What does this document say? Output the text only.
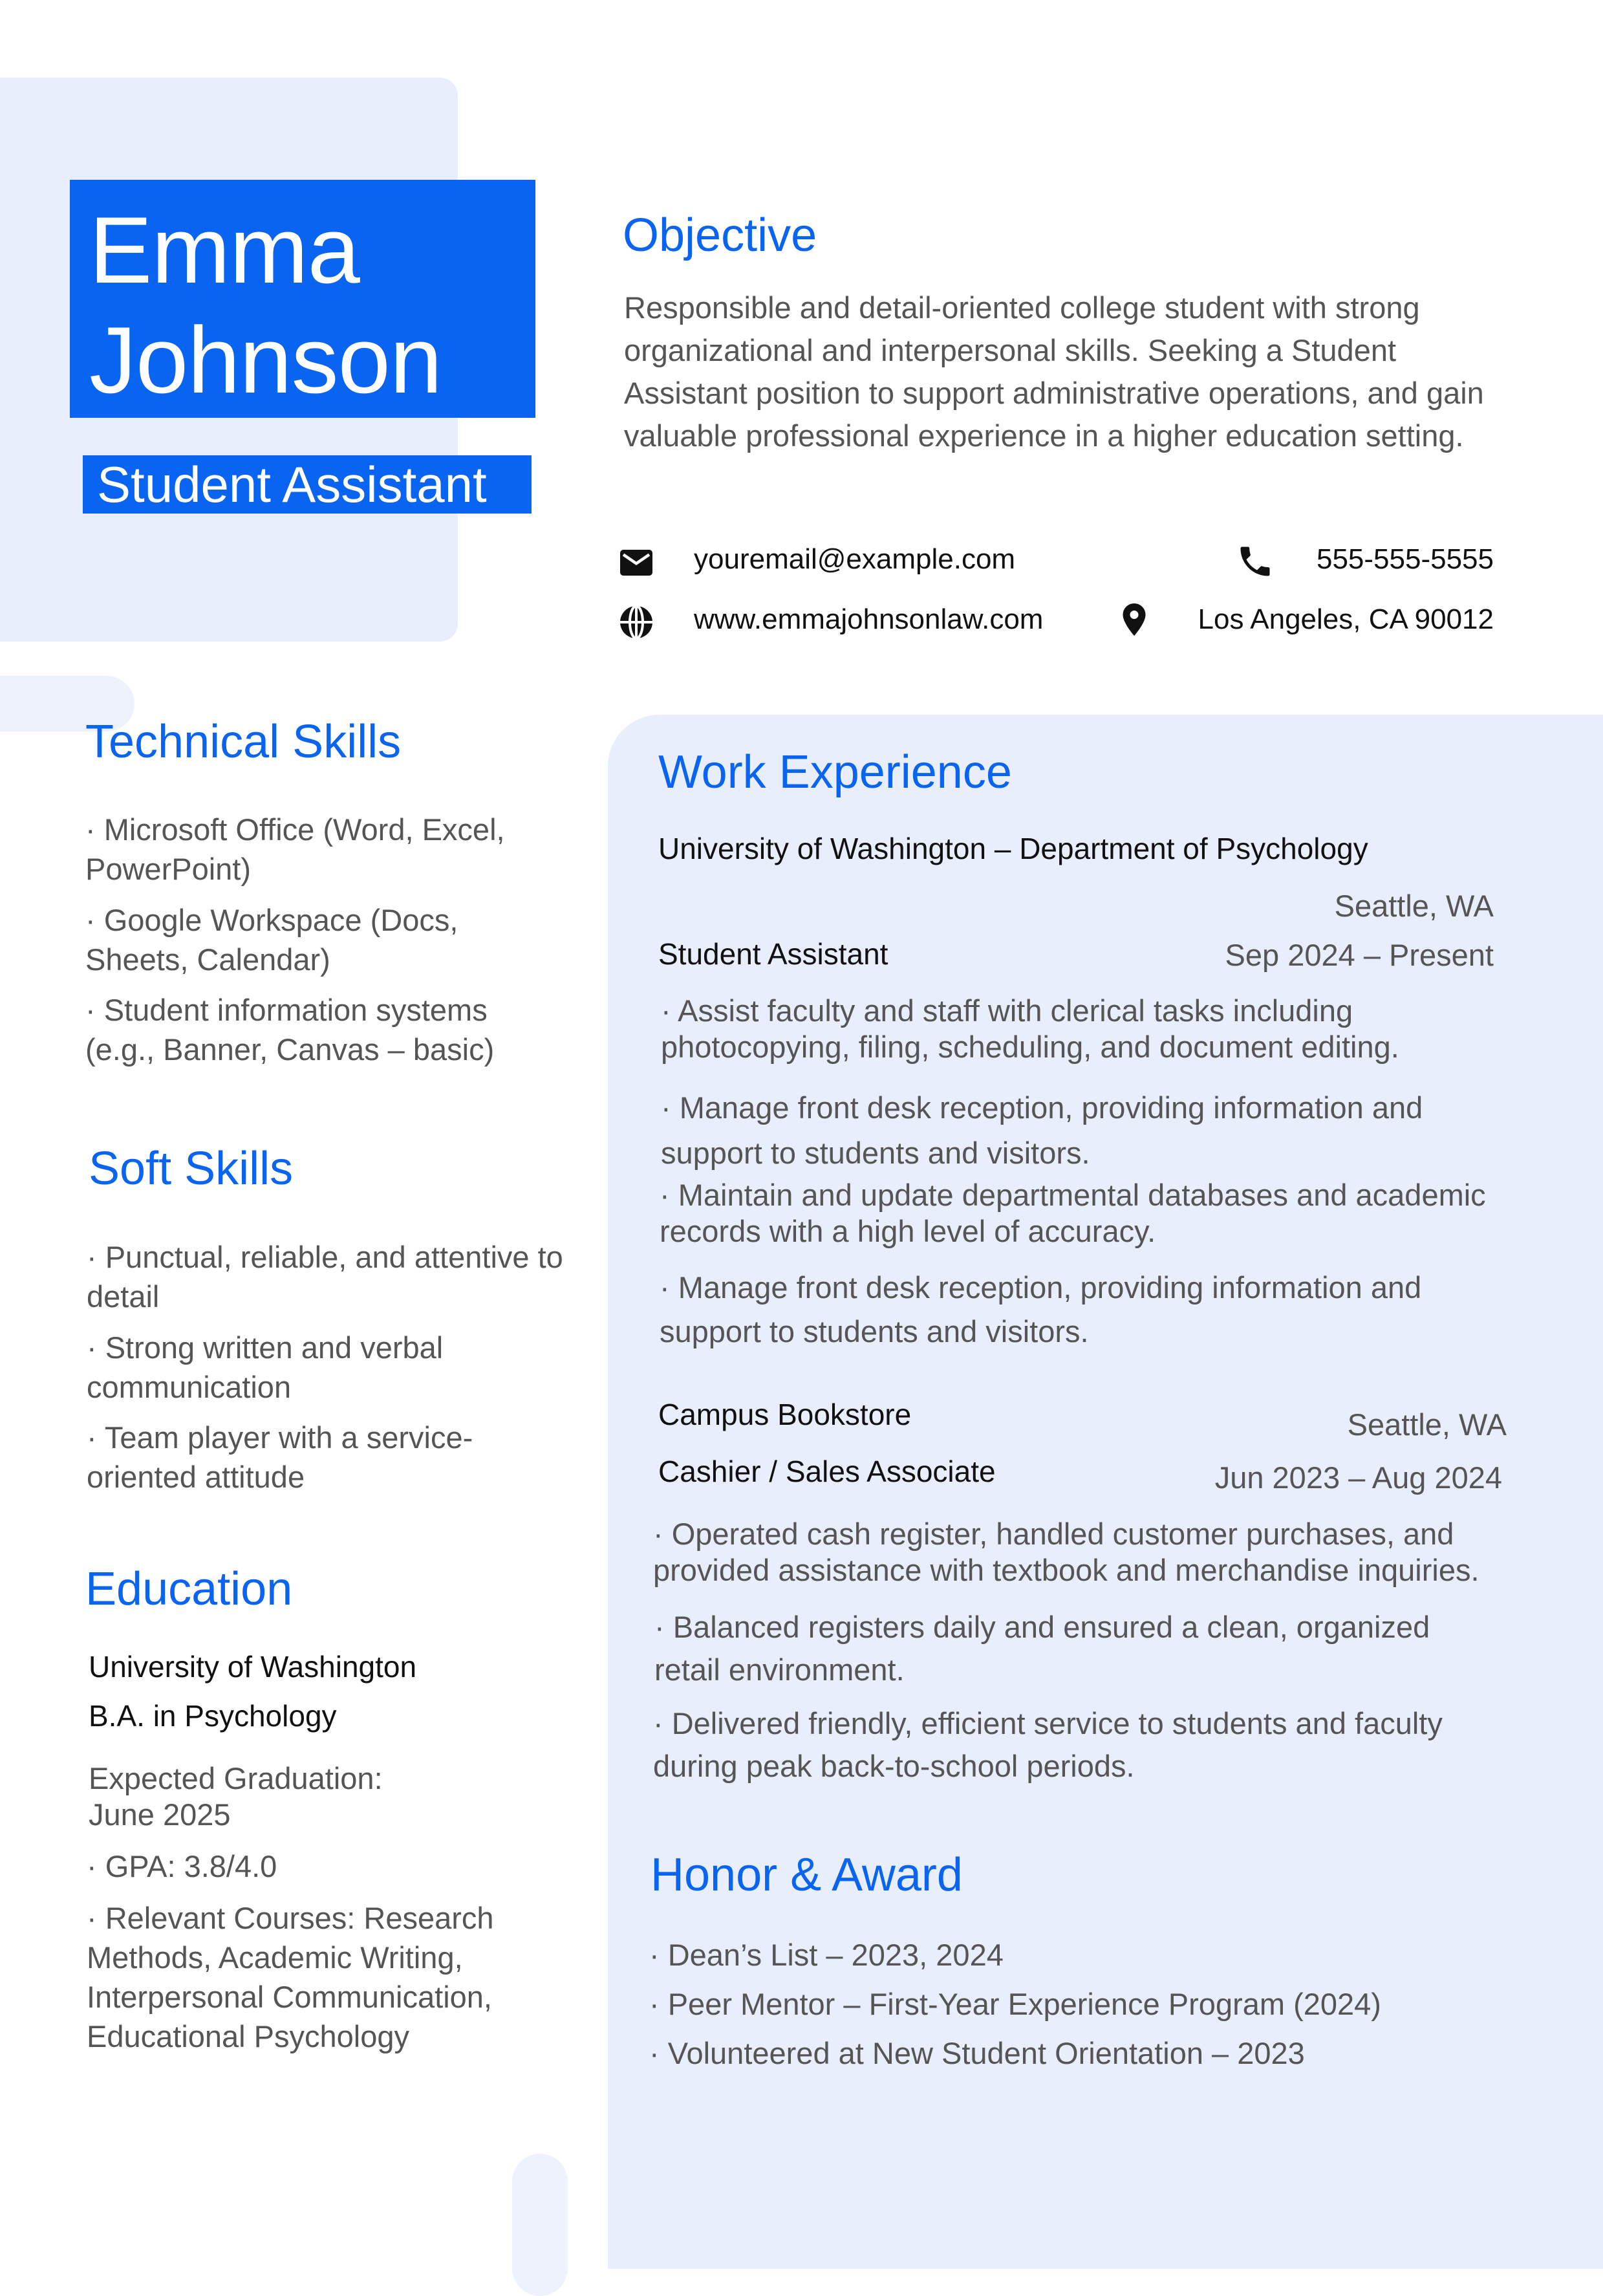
Emma
Johnson
Student Assistant
Objective
Responsible and detail-oriented college student with strong organizational and interpersonal skills. Seeking a Student Assistant position to support administrative operations, and gain valuable professional experience in a higher education setting.
youremail@example.com	555-555-5555
www.emmajohnsonlaw.com	Los Angeles, CA 90012
Technical Skills
· Microsoft Office (Word, Excel, PowerPoint)
· Google Workspace (Docs, Sheets, Calendar)
· Student information systems (e.g., Banner, Canvas – basic)
Soft Skills
· Punctual, reliable, and attentive to detail
· Strong written and verbal communication
· Team player with a service-oriented attitude
Education
University of Washington
B.A. in Psychology
Expected Graduation: June 2025
· GPA: 3.8/4.0
· Relevant Courses: Research Methods, Academic Writing, Interpersonal Communication, Educational Psychology
Work Experience
University of Washington – Department of Psychology
Seattle, WA
Student Assistant	Sep 2024 – Present
· Assist faculty and staff with clerical tasks including photocopying, filing, scheduling, and document editing.
· Manage front desk reception, providing information and support to students and visitors.
· Maintain and update departmental databases and academic records with a high level of accuracy.
· Manage front desk reception, providing information and support to students and visitors.
Campus Bookstore	Seattle, WA
Cashier / Sales Associate	Jun 2023 – Aug 2024
· Operated cash register, handled customer purchases, and provided assistance with textbook and merchandise inquiries.
· Balanced registers daily and ensured a clean, organized retail environment.
· Delivered friendly, efficient service to students and faculty during peak back-to-school periods.
Honor & Award
· Dean’s List – 2023, 2024
· Peer Mentor – First-Year Experience Program (2024)
· Volunteered at New Student Orientation – 2023
